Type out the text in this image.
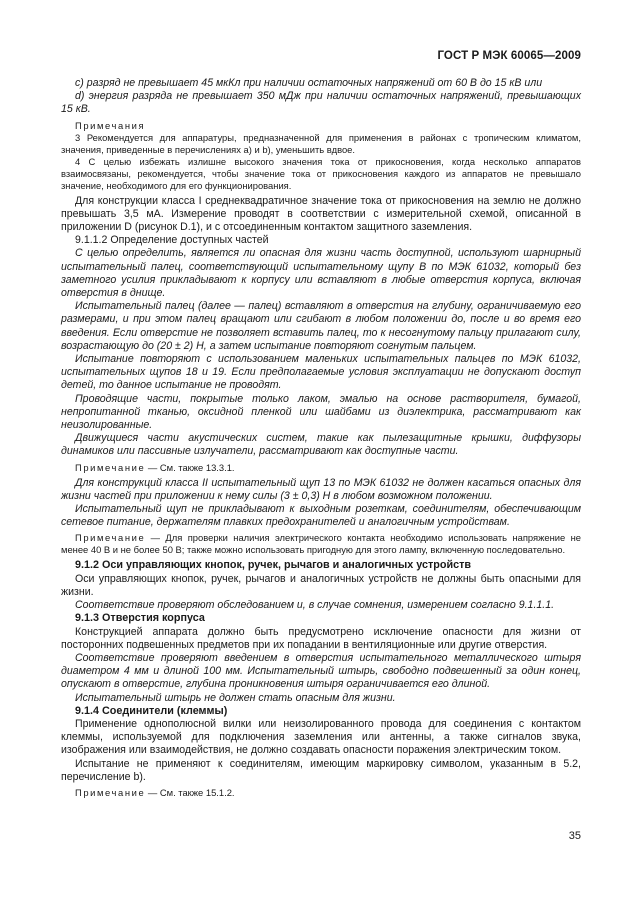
ГОСТ Р МЭК 60065—2009

c) разряд не превышает 45 мкКл при наличии остаточных напряжений от 60 В до 15 кВ или

d) энергия разряда не превышает 350 мДж при наличии остаточных напряжений, превышающих 15 кВ.

Примечания

3 Рекомендуется для аппаратуры, предназначенной для применения в районах с тропическим климатом, значения, приведенные в перечислениях a) и b), уменьшить вдвое.

4 С целью избежать излишне высокого значения тока от прикосновения, когда несколько аппаратов взаимосвязаны, рекомендуется, чтобы значение тока от прикосновения каждого из аппаратов не превышало значение, необходимого для его функционирования.

Для конструкции класса I среднеквадратичное значение тока от прикосновения на землю не должно превышать 3,5 мА. Измерение проводят в соответствии с измерительной схемой, описанной в приложении D (рисунок D.1), и с отсоединенным контактом защитного заземления.

9.1.1.2 Определение доступных частей

С целью определить, является ли опасная для жизни часть доступной, используют шарнирный испытательный палец, соответствующий испытательному щупу B по МЭК 61032, который без заметного усилия прикладывают к корпусу или вставляют в любые отверстия корпуса, включая отверстия в днище.

Испытательный палец (далее — палец) вставляют в отверстия на глубину, ограничиваемую его размерами, и при этом палец вращают или сгибают в любом положении до, после и во время его введения. Если отверстие не позволяет вставить палец, то к несогнутому пальцу прилагают силу, возрастающую до (20 ± 2) Н, а затем испытание повторяют согнутым пальцем.

Испытание повторяют с использованием маленьких испытательных пальцев по МЭК 61032, испытательных щупов 18 и 19. Если предполагаемые условия эксплуатации не допускают доступ детей, то данное испытание не проводят.

Проводящие части, покрытые только лаком, эмалью на основе растворителя, бумагой, непропитанной тканью, оксидной пленкой или шайбами из диэлектрика, рассматривают как неизолированные.

Движущиеся части акустических систем, такие как пылезащитные крышки, диффузоры динамиков или пассивные излучатели, рассматривают как доступные части.

Примечание — См. также 13.3.1.

Для конструкций класса II испытательный щуп 13 по МЭК 61032 не должен касаться опасных для жизни частей при приложении к нему силы (3 ± 0,3) Н в любом возможном положении.

Испытательный щуп не прикладывают к выходным розеткам, соединителям, обеспечивающим сетевое питание, держателям плавких предохранителей и аналогичным устройствам.

Примечание — Для проверки наличия электрического контакта необходимо использовать напряжение не менее 40 В и не более 50 В; также можно использовать пригодную для этого лампу, включенную последовательно.

9.1.2 Оси управляющих кнопок, ручек, рычагов и аналогичных устройств

Оси управляющих кнопок, ручек, рычагов и аналогичных устройств не должны быть опасными для жизни.

Соответствие проверяют обследованием и, в случае сомнения, измерением согласно 9.1.1.1.

9.1.3 Отверстия корпуса

Конструкцией аппарата должно быть предусмотрено исключение опасности для жизни от посторонних подвешенных предметов при их попадании в вентиляционные или другие отверстия.

Соответствие проверяют введением в отверстия испытательного металлического штыря диаметром 4 мм и длиной 100 мм. Испытательный штырь, свободно подвешенный за один конец, опускают в отверстие, глубина проникновения штыря ограничивается его длиной.

Испытательный штырь не должен стать опасным для жизни.

9.1.4 Соединители (клеммы)

Применение однополюсной вилки или неизолированного провода для соединения с контактом клеммы, используемой для подключения заземления или антенны, а также сигналов звука, изображения или взаимодействия, не должно создавать опасности поражения электрическим током.

Испытание не применяют к соединителям, имеющим маркировку символом, указанным в 5.2, перечисление b).

Примечание — См. также 15.1.2.

35
